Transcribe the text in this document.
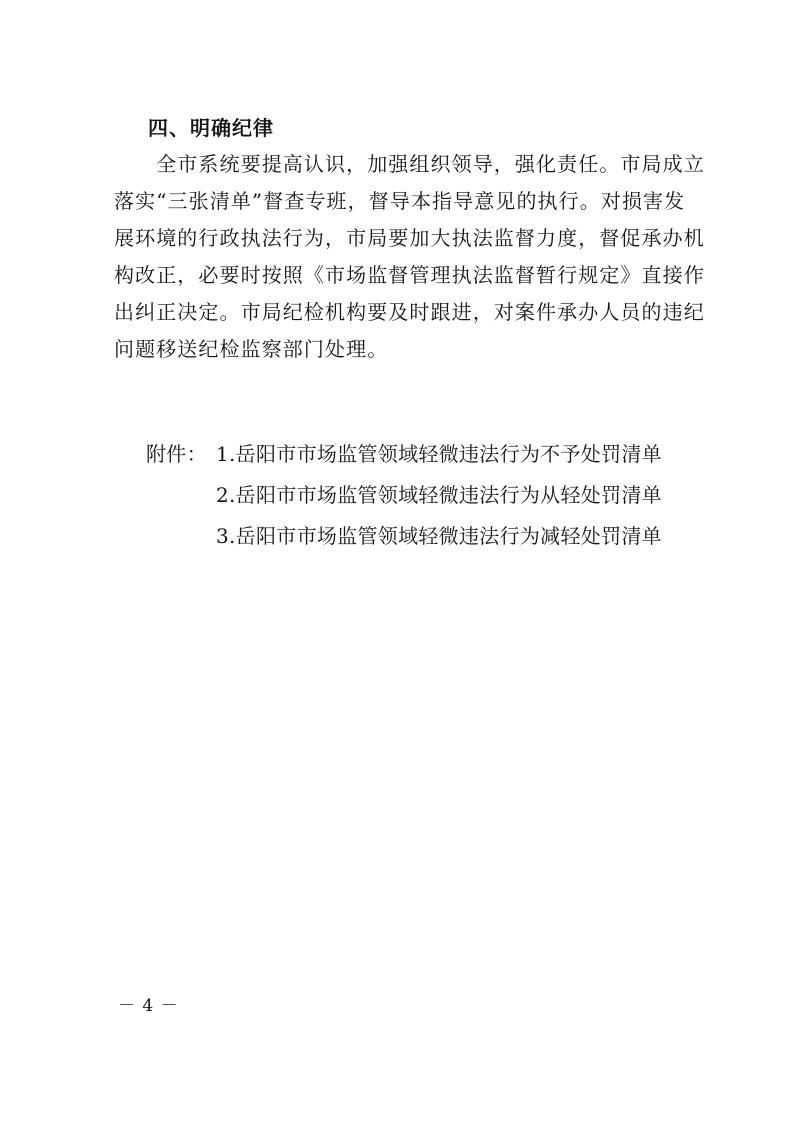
四、明确纪律
　　全市系统要提高认识，加强组织领导，强化责任。市局成立
落实“三张清单”督查专班，督导本指导意见的执行。对损害发
展环境的行政执法行为，市局要加大执法监督力度，督促承办机
构改正，必要时按照《市场监督管理执法监督暂行规定》直接作
出纠正决定。市局纪检机构要及时跟进，对案件承办人员的违纪
问题移送纪检监察部门处理。
附件： 1.岳阳市市场监管领域轻微违法行为不予处罚清单
2.岳阳市市场监管领域轻微违法行为从轻处罚清单
3.岳阳市市场监管领域轻微违法行为减轻处罚清单
－ 4 －
